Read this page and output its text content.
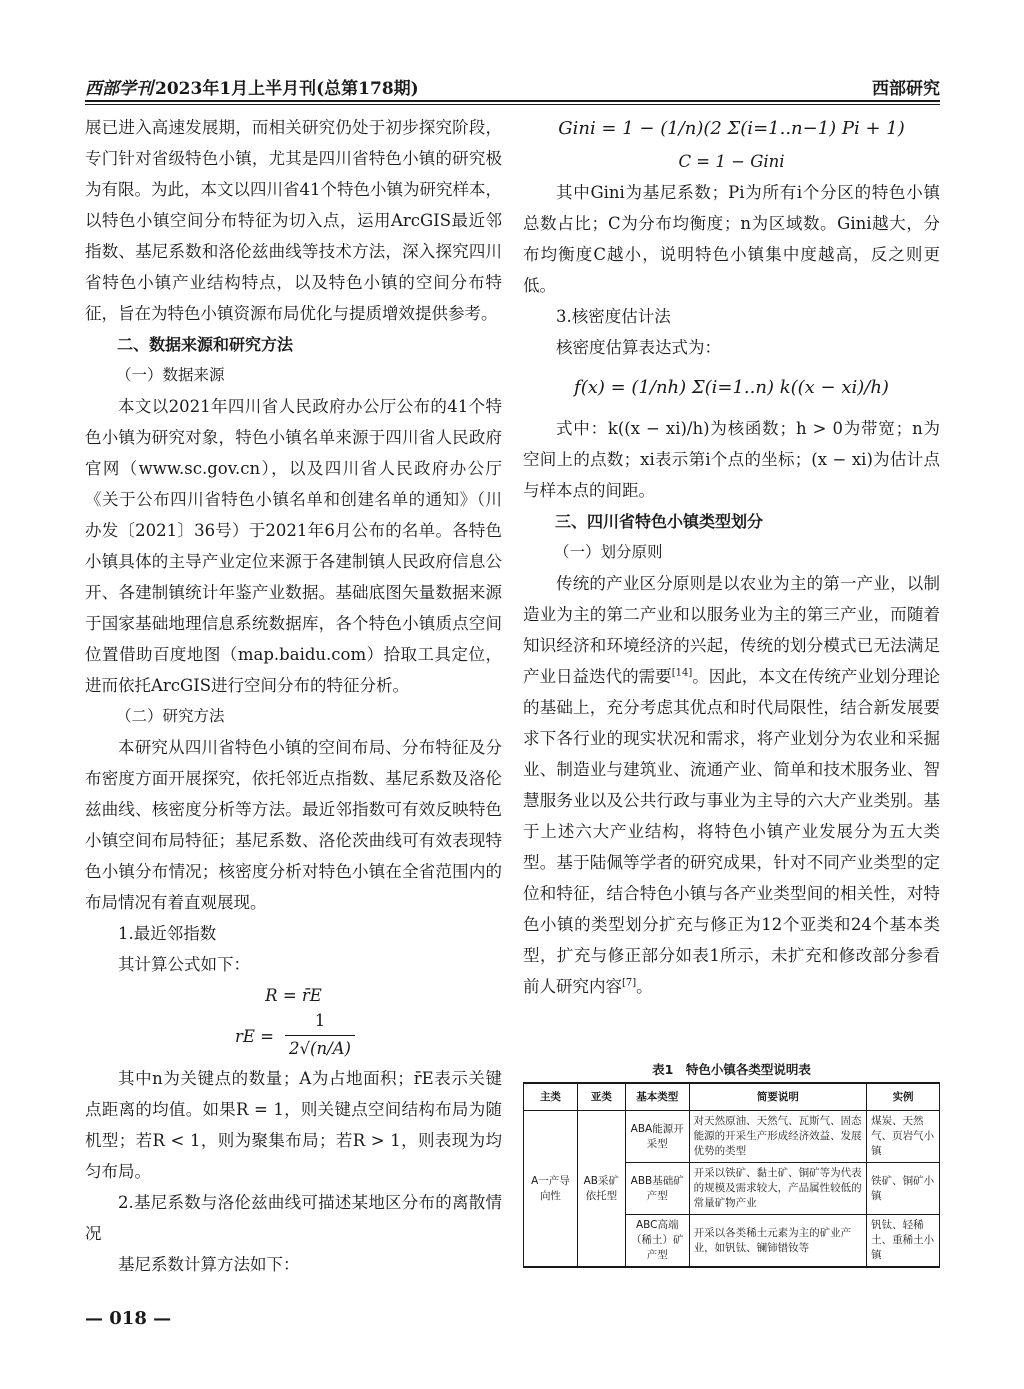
西部学刊 2023年1月上半月刊(总第178期)	西部研究

展已进入高速发展期，而相关研究仍处于初步探究阶段，专门针对省级特色小镇，尤其是四川省特色小镇的研究极为有限。为此，本文以四川省41个特色小镇为研究样本，以特色小镇空间分布特征为切入点，运用ArcGIS最近邻指数、基尼系数和洛伦兹曲线等技术方法，深入探究四川省特色小镇产业结构特点，以及特色小镇的空间分布特征，旨在为特色小镇资源布局优化与提质增效提供参考。

二、数据来源和研究方法

（一）数据来源

本文以2021年四川省人民政府办公厅公布的41个特色小镇为研究对象，特色小镇名单来源于四川省人民政府官网（www.sc.gov.cn），以及四川省人民政府办公厅《关于公布四川省特色小镇名单和创建名单的通知》（川办发〔2021〕36号）于2021年6月公布的名单。各特色小镇具体的主导产业定位来源于各建制镇人民政府信息公开、各建制镇统计年鉴产业数据。基础底图矢量数据来源于国家基础地理信息系统数据库，各个特色小镇质点空间位置借助百度地图（map.baidu.com）拾取工具定位，进而依托ArcGIS进行空间分布的特征分析。

（二）研究方法

本研究从四川省特色小镇的空间布局、分布特征及分布密度方面开展探究，依托邻近点指数、基尼系数及洛伦兹曲线、核密度分析等方法。最近邻指数可有效反映特色小镇空间布局特征；基尼系数、洛伦茨曲线可有效表现特色小镇分布情况；核密度分析对特色小镇在全省范围内的布局情况有着直观展现。

1.最近邻指数

其计算公式如下：

R = r̄E

rE =
1
2√(n/A)

其中n为关键点的数量；A为占地面积；r̄E表示关键点距离的均值。如果R = 1，则关键点空间结构布局为随机型；若R < 1，则为聚集布局；若R > 1，则表现为均匀布局。

2.基尼系数与洛伦兹曲线可描述某地区分布的离散情况

基尼系数计算方法如下：

Gini = 1 − (1/n)(2 Σ(i=1..n−1) Pi + 1)

C = 1 − Gini

其中Gini为基尼系数；Pi为所有i个分区的特色小镇总数占比；C为分布均衡度；n为区域数。Gini越大，分布均衡度C越小，说明特色小镇集中度越高，反之则更低。

3.核密度估计法

核密度估算表达式为：

f(x) = (1/nh) Σ(i=1..n) k((x − xi)/h)

式中：k((x − xi)/h)为核函数；h > 0为带宽；n为空间上的点数；xi表示第i个点的坐标；(x − xi)为估计点与样本点的间距。

三、四川省特色小镇类型划分

（一）划分原则

传统的产业区分原则是以农业为主的第一产业，以制造业为主的第二产业和以服务业为主的第三产业，而随着知识经济和环境经济的兴起，传统的划分模式已无法满足产业日益迭代的需要[14]。因此，本文在传统产业划分理论的基础上，充分考虑其优点和时代局限性，结合新发展要求下各行业的现实状况和需求，将产业划分为农业和采掘业、制造业与建筑业、流通产业、简单和技术服务业、智慧服务业以及公共行政与事业为主导的六大产业类别。基于上述六大产业结构，将特色小镇产业发展分为五大类型。基于陆佩等学者的研究成果，针对不同产业类型的定位和特征，结合特色小镇与各产业类型间的相关性，对特色小镇的类型划分扩充与修正为12个亚类和24个基本类型，扩充与修正部分如表1所示，未扩充和修改部分参看前人研究内容[7]。

表1　特色小镇各类型说明表
主类	亚类	基本类型	简要说明	实例
A一产导向性	AB采矿依托型	ABA能源开采型	对天然原油、天然气、瓦斯气、固态能源的开采生产形成经济效益、发展优势的类型	煤炭、天然气、页岩气小镇
		ABB基础矿产型	开采以铁矿、黏土矿、铜矿等为代表的规模及需求较大，产品属性较低的常量矿物产业	铁矿、铜矿小镇
		ABC高端（稀土）矿产型	开采以各类稀土元素为主的矿业产业，如钒钛、镧铈镨钕等	钒钛、轻稀土、重稀土小镇
— 018 —
